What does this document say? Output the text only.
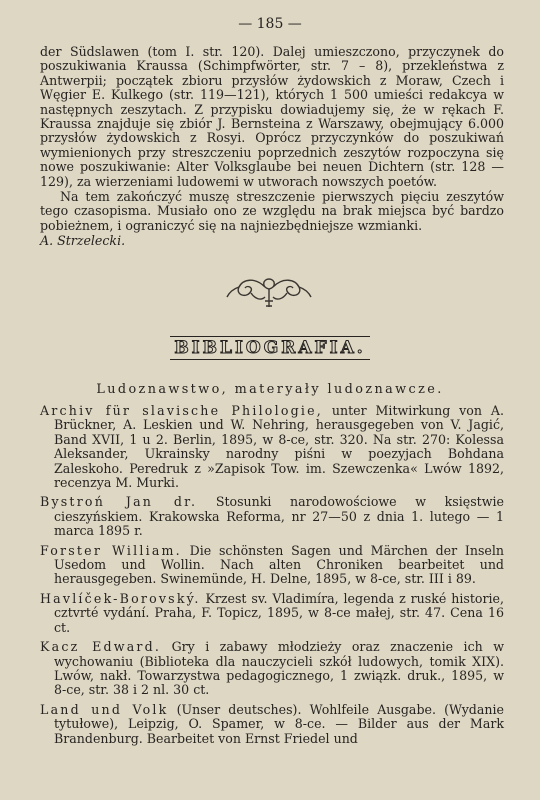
— 185 —

der Südslawen (tom I. str. 120). Dalej umieszczono, przyczynek do poszukiwania Kraussa (Schimpfwörter, str. 7 – 8), przekleństwa z Antwerpii; początek zbioru przysłów żydowskich z Moraw, Czech i Węgier E. Kulkego (str. 119—121), których 1 500 umieści redakcya w następnych zeszytach. Z przypisku dowiadujemy się, że w rękach F. Kraussa znajduje się zbiór J. Bernsteina z Warszawy, obejmujący 6.000 przysłów żydowskich z Rosyi. Oprócz przyczynków do poszukiwań wymienionych przy streszczeniu poprzednich zeszytów rozpoczyna się nowe poszukiwanie: Alter Volksglaube bei neuen Dichtern (str. 128 — 129), za wierzeniami ludowemi w utworach nowszych poetów.

Na tem zakończyć muszę streszczenie pierwszych pięciu zeszytów tego czasopisma. Musiało ono ze względu na brak miejsca być bardzo pobieżnem, i ograniczyć się na najniezbędniejsze wzmianki.

A. Strzelecki.

BIBLIOGRAFIA.
Ludoznawstwo, materyały ludoznawcze.

Archiv für slavische Philologie, unter Mitwirkung von A. Brückner, A. Leskien und W. Nehring, herausgegeben von V. Jagić, Band XVII, 1 u 2. Berlin, 1895, w 8-ce, str. 320. Na str. 270: Kolessa Aleksander, Ukrainsky narodny piśni w poezyjach Bohdana Zaleskoho. Peredruk z »Zapisok Tow. im. Szewczenka« Lwów 1892, recenzya M. Murki.

Bystroń Jan dr. Stosunki narodowościowe w księstwie cieszyńskiem. Krakowska Reforma, nr 27—50 z dnia 1. lutego — 1 marca 1895 r.

Forster William. Die schönsten Sagen und Märchen der Inseln Usedom und Wollin. Nach alten Chroniken bearbeitet und herausgegeben. Swinemünde, H. Delne, 1895, w 8-ce, str. III i 89.

Havlíček-Borovský. Krzest sv. Vladimíra, legenda z ruské historie, cztvrté vydání. Praha, F. Topicz, 1895, w 8-ce małej, str. 47. Cena 16 ct.

Kacz Edward. Gry i zabawy młodzieży oraz znaczenie ich w wychowaniu (Biblioteka dla nauczycieli szkół ludowych, tomik XIX). Lwów, nakł. Towarzystwa pedagogicznego, 1 związk. druk., 1895, w 8-ce, str. 38 i 2 nl. 30 ct.

Land und Volk (Unser deutsches). Wohlfeile Ausgabe. (Wydanie tytułowe), Leipzig, O. Spamer, w 8-ce. — Bilder aus der Mark Brandenburg. Bearbeitet von Ernst Friedel und
